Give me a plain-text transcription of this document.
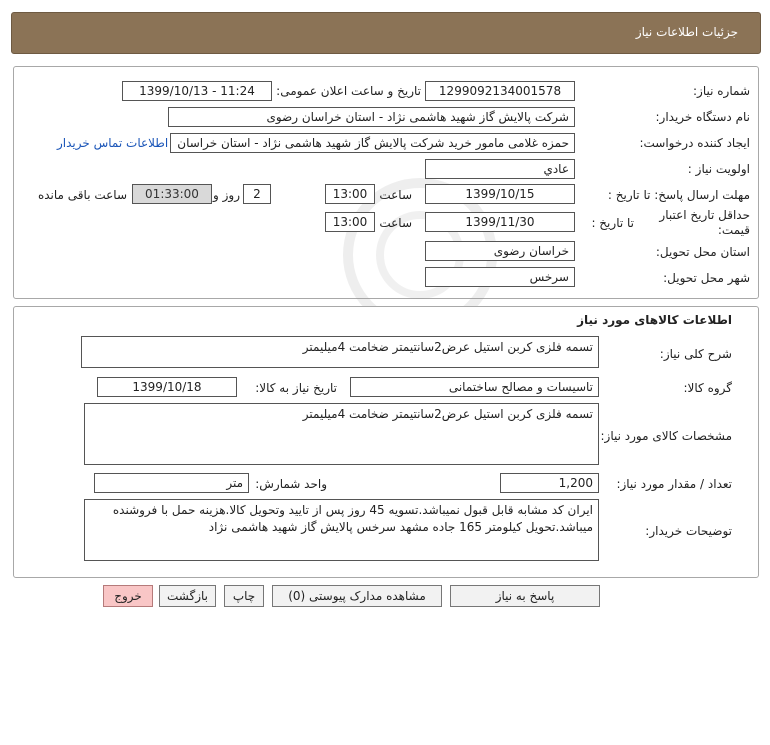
جزئیات اطلاعات نیاز
شماره نیاز:
1299092134001578
تاریخ و ساعت اعلان عمومی:
1399/10/13 - 11:24
نام دستگاه خریدار:
شرکت پالایش گاز شهید هاشمی نژاد - استان خراسان رضوی
ایجاد کننده درخواست:
حمزه غلامی مامور خرید شرکت پالایش گاز شهید هاشمی نژاد - استان خراسان
اطلاعات تماس خریدار
اولویت نیاز :
عادي
مهلت ارسال پاسخ: تا تاریخ :
1399/10/15
ساعت
13:00
2
روز و
01:33:00
ساعت باقی مانده
حداقل تاریخ اعتبار
قیمت:
تا تاریخ :
1399/11/30
ساعت
13:00
استان محل تحویل:
خراسان رضوی
شهر محل تحویل:
سرخس
اطلاعات کالاهای مورد نیاز
شرح کلی نیاز:
تسمه فلزی کربن استیل عرض2سانتیمتر ضخامت 4میلیمتر
گروه کالا:
تاسیسات و مصالح ساختمانی
تاریخ نیاز به کالا:
1399/10/18
مشخصات کالای مورد نیاز:
تسمه فلزی کربن استیل عرض2سانتیمتر ضخامت 4میلیمتر
تعداد / مقدار مورد نیاز:
1,200
واحد شمارش:
متر
توضیحات خریدار:
ایران کد مشابه قابل قبول نمیباشد.تسویه 45 روز پس از تایید وتحویل کالا.هزینه حمل با فروشنده میباشد.تحویل کیلومتر 165 جاده مشهد سرخس پالایش گاز شهید هاشمی نژاد
پاسخ به نیاز
مشاهده مدارک پیوستی (0)
چاپ
بازگشت
خروج
